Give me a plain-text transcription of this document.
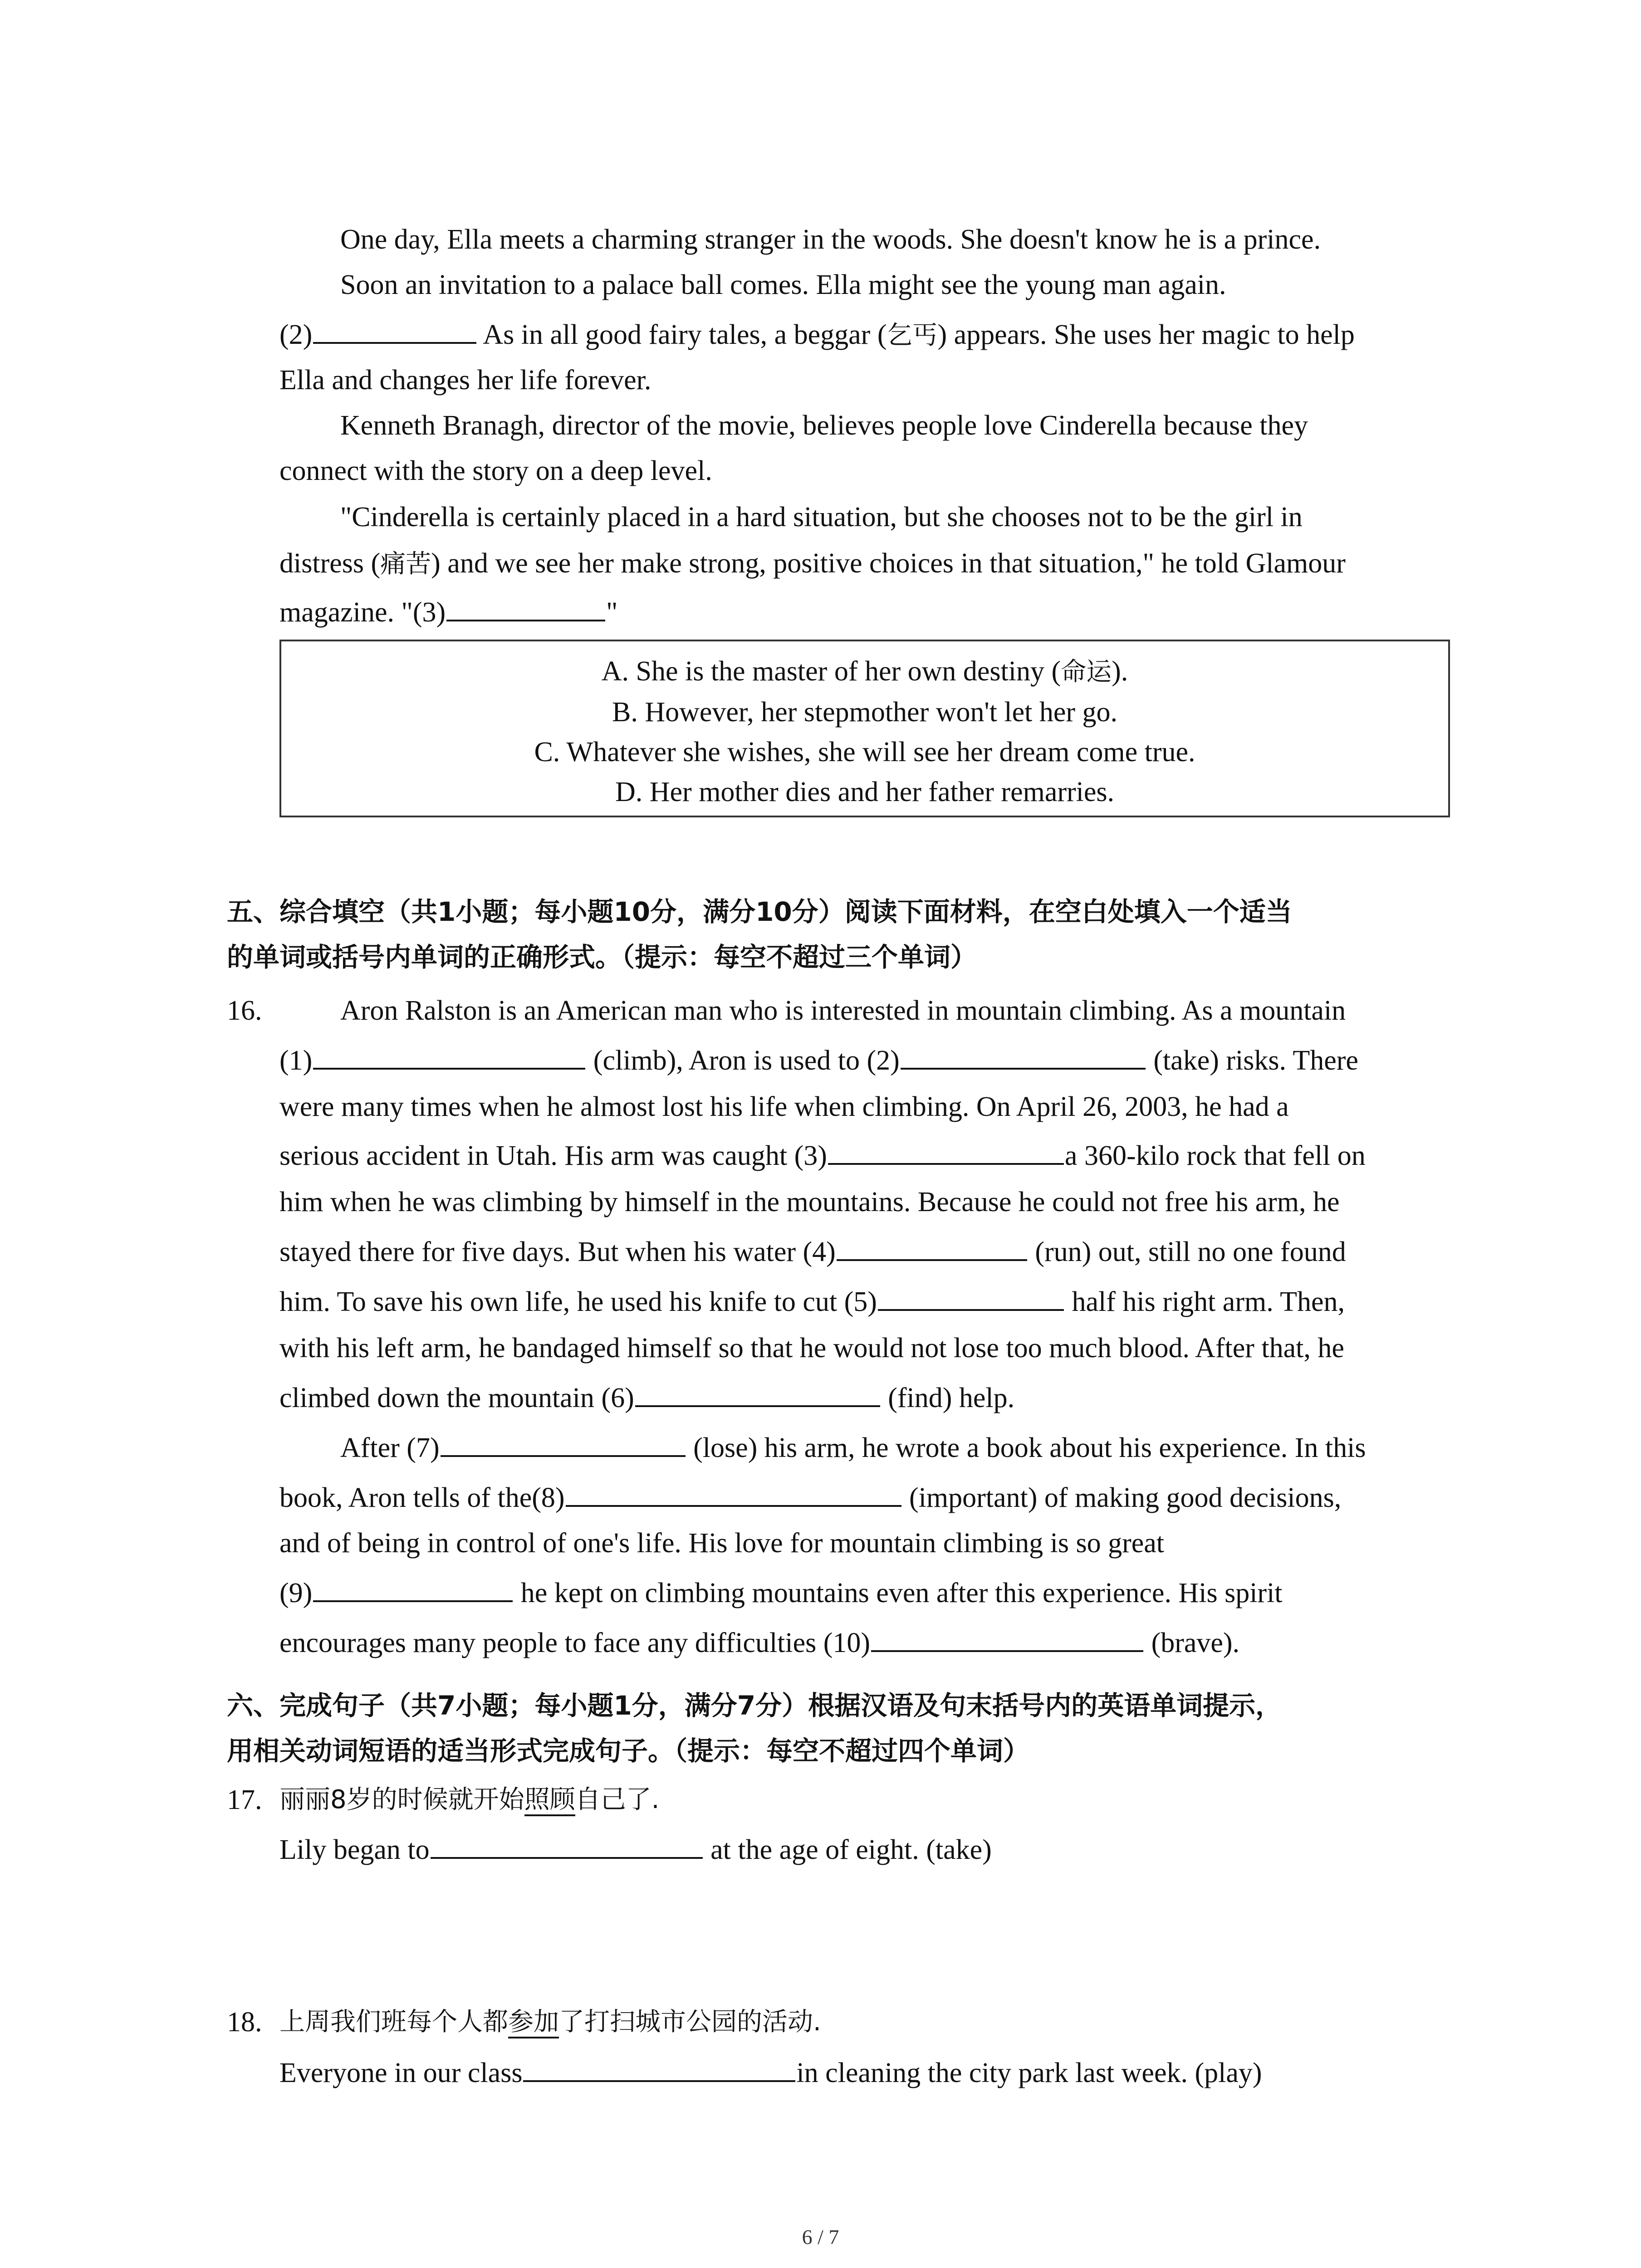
One day, Ella meets a charming stranger in the woods. She doesn't know he is a prince.
Soon an invitation to a palace ball comes. Ella might see the young man again.
(2)	As in all good fairy tales, a beggar (乞丐) appears. She uses her magic to help
Ella and changes her life forever.
Kenneth Branagh, director of the movie, believes people love Cinderella because they
connect with the story on a deep level.
"Cinderella is certainly placed in a hard situation, but she chooses not to be the girl in
distress (痛苦) and we see her make strong, positive choices in that situation," he told Glamour
magazine. "(3)	"
A. She is the master of her own destiny (命运).
B. However, her stepmother won't let her go.
C. Whatever she wishes, she will see her dream come true.
D. Her mother dies and her father remarries.
五、综合填空（共1小题；每小题10分，满分10分）阅读下面材料，在空白处填入一个适当
的单词或括号内单词的正确形式。（提示：每空不超过三个单词）
16.	Aron Ralston is an American man who is interested in mountain climbing. As a mountain
(1)	(climb), Aron is used to (2)	(take) risks. There
were many times when he almost lost his life when climbing. On April 26, 2003, he had a
serious accident in Utah. His arm was caught (3)	a 360-kilo rock that fell on
him when he was climbing by himself in the mountains. Because he could not free his arm, he
stayed there for five days. But when his water (4)	(run) out, still no one found
him. To save his own life, he used his knife to cut (5)	half his right arm. Then,
with his left arm, he bandaged himself so that he would not lose too much blood. After that, he
climbed down the mountain (6)	(find) help.
After (7)	(lose) his arm, he wrote a book about his experience. In this
book, Aron tells of the(8)	(important) of making good decisions,
and of being in control of one's life. His love for mountain climbing is so great
(9)	he kept on climbing mountains even after this experience. His spirit
encourages many people to face any difficulties (10)	(brave).
六、完成句子（共7小题；每小题1分，满分7分）根据汉语及句末括号内的英语单词提示，
用相关动词短语的适当形式完成句子。（提示：每空不超过四个单词）
17. 丽丽8岁的时候就开始照顾自己了.
Lily began to	at the age of eight. (take)
18. 上周我们班每个人都参加了打扫城市公园的活动.
Everyone in our class	in cleaning the city park last week. (play)
6 / 7
